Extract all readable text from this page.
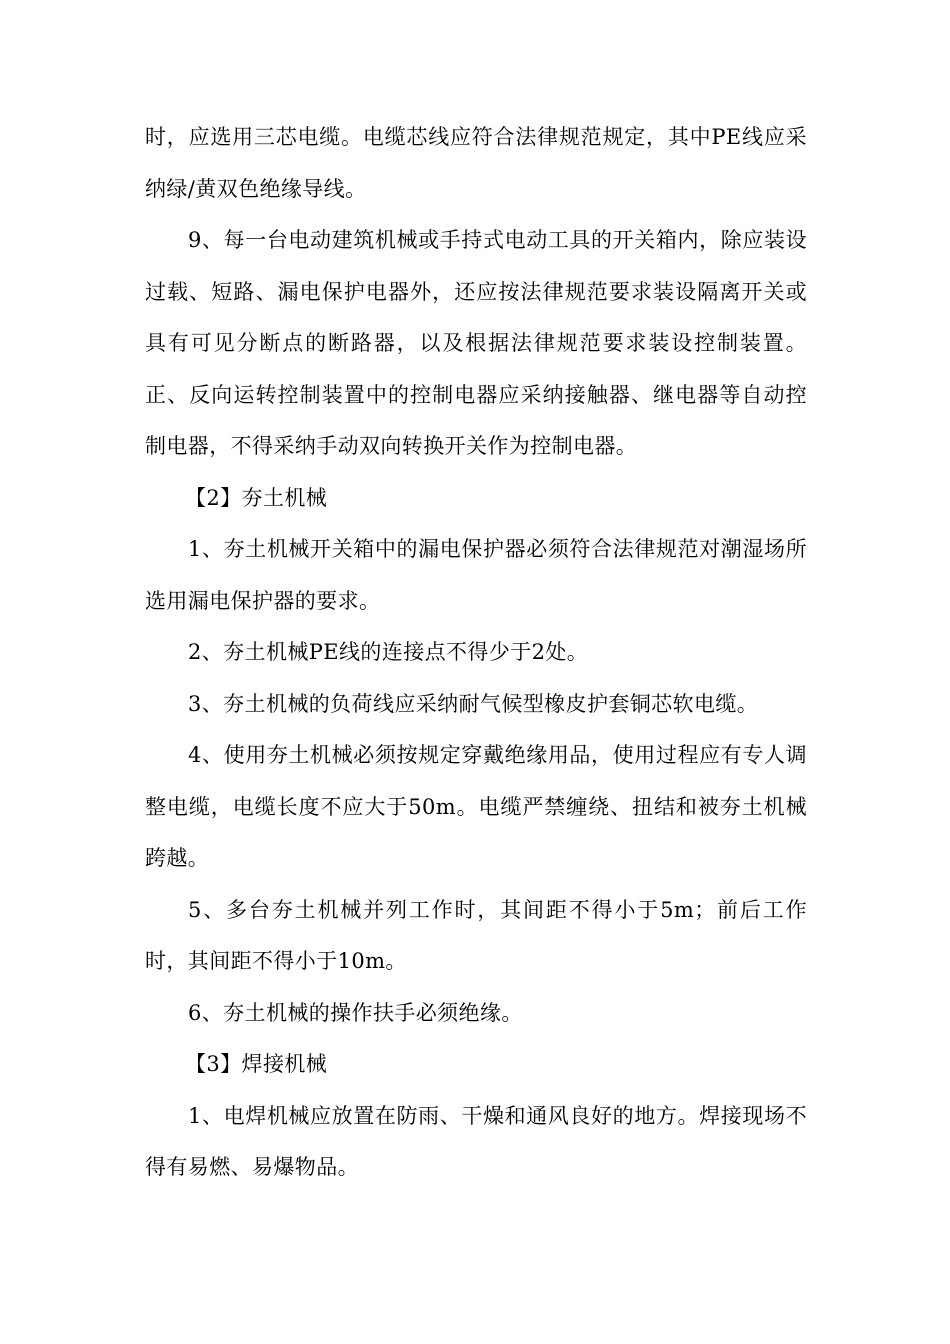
时，应选用三芯电缆。电缆芯线应符合法律规范规定，其中PE线应采纳绿/黄双色绝缘导线。

9、每一台电动建筑机械或手持式电动工具的开关箱内，除应装设过载、短路、漏电保护电器外，还应按法律规范要求装设隔离开关或具有可见分断点的断路器，以及根据法律规范要求装设控制装置。正、反向运转控制装置中的控制电器应采纳接触器、继电器等自动控制电器，不得采纳手动双向转换开关作为控制电器。

【2】夯土机械

1、夯土机械开关箱中的漏电保护器必须符合法律规范对潮湿场所选用漏电保护器的要求。

2、夯土机械PE线的连接点不得少于2处。

3、夯土机械的负荷线应采纳耐气候型橡皮护套铜芯软电缆。

4、使用夯土机械必须按规定穿戴绝缘用品，使用过程应有专人调整电缆，电缆长度不应大于50m。电缆严禁缠绕、扭结和被夯土机械跨越。

5、多台夯土机械并列工作时，其间距不得小于5m；前后工作时，其间距不得小于10m。

6、夯土机械的操作扶手必须绝缘。

【3】焊接机械

1、电焊机械应放置在防雨、干燥和通风良好的地方。焊接现场不得有易燃、易爆物品。
